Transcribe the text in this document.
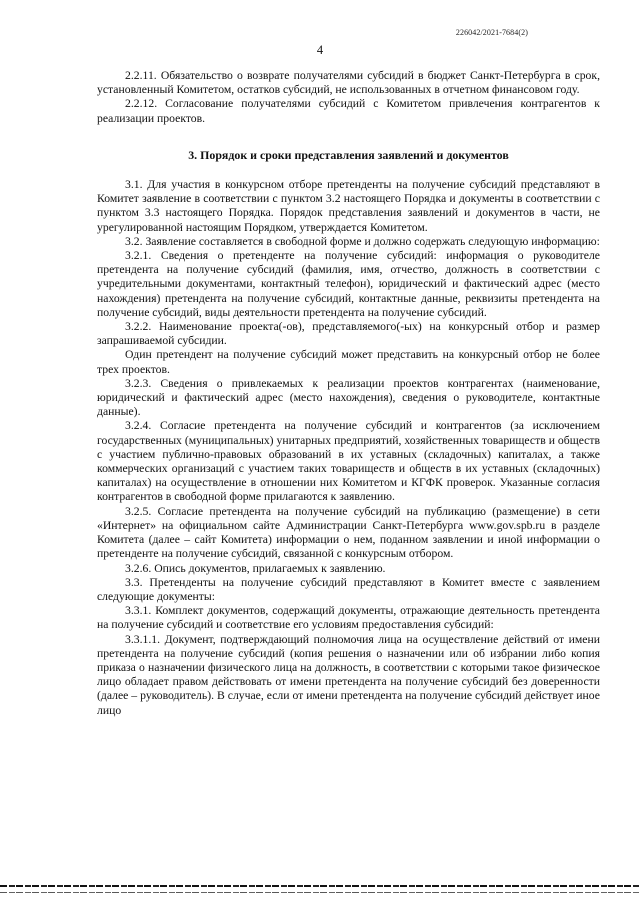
226042/2021-7684(2)
4

2.2.11. Обязательство о возврате получателями субсидий в бюджет Санкт-Петербурга в срок, установленный Комитетом, остатков субсидий, не использованных в отчетном финансовом году.

2.2.12. Согласование получателями субсидий с Комитетом привлечения контрагентов к реализации проектов.

3. Порядок и сроки представления заявлений и документов

3.1. Для участия в конкурсном отборе претенденты на получение субсидий представляют в Комитет заявление в соответствии с пунктом 3.2 настоящего Порядка и документы в соответствии с пунктом 3.3 настоящего Порядка. Порядок представления заявлений и документов в части, не урегулированной настоящим Порядком, утверждается Комитетом.

3.2. Заявление составляется в свободной форме и должно содержать следующую информацию:

3.2.1. Сведения о претенденте на получение субсидий: информация о руководителе претендента на получение субсидий (фамилия, имя, отчество, должность в соответствии с учредительными документами, контактный телефон), юридический и фактический адрес (место нахождения) претендента на получение субсидий, контактные данные, реквизиты претендента на получение субсидий, виды деятельности претендента на получение субсидий.

3.2.2. Наименование проекта(-ов), представляемого(-ых) на конкурсный отбор и размер запрашиваемой субсидии.

Один претендент на получение субсидий может представить на конкурсный отбор не более трех проектов.

3.2.3. Сведения о привлекаемых к реализации проектов контрагентах (наименование, юридический и фактический адрес (место нахождения), сведения о руководителе, контактные данные).

3.2.4. Согласие претендента на получение субсидий и контрагентов (за исключением государственных (муниципальных) унитарных предприятий, хозяйственных товариществ и обществ с участием публично-правовых образований в их уставных (складочных) капиталах, а также коммерческих организаций с участием таких товариществ и обществ в их уставных (складочных) капиталах) на осуществление в отношении них Комитетом и КГФК проверок. Указанные согласия контрагентов в свободной форме прилагаются к заявлению.

3.2.5. Согласие претендента на получение субсидий на публикацию (размещение) в сети «Интернет» на официальном сайте Администрации Санкт-Петербурга www.gov.spb.ru в разделе Комитета (далее – сайт Комитета) информации о нем, поданном заявлении и иной информации о претенденте на получение субсидий, связанной с конкурсным отбором.

3.2.6. Опись документов, прилагаемых к заявлению.

3.3. Претенденты на получение субсидий представляют в Комитет вместе с заявлением следующие документы:

3.3.1. Комплект документов, содержащий документы, отражающие деятельность претендента на получение субсидий и соответствие его условиям предоставления субсидий:

3.3.1.1. Документ, подтверждающий полномочия лица на осуществление действий от имени претендента на получение субсидий (копия решения о назначении или об избрании либо копия приказа о назначении физического лица на должность, в соответствии с которыми такое физическое лицо обладает правом действовать от имени претендента на получение субсидий без доверенности (далее – руководитель). В случае, если от имени претендента на получение субсидий действует иное лицо
